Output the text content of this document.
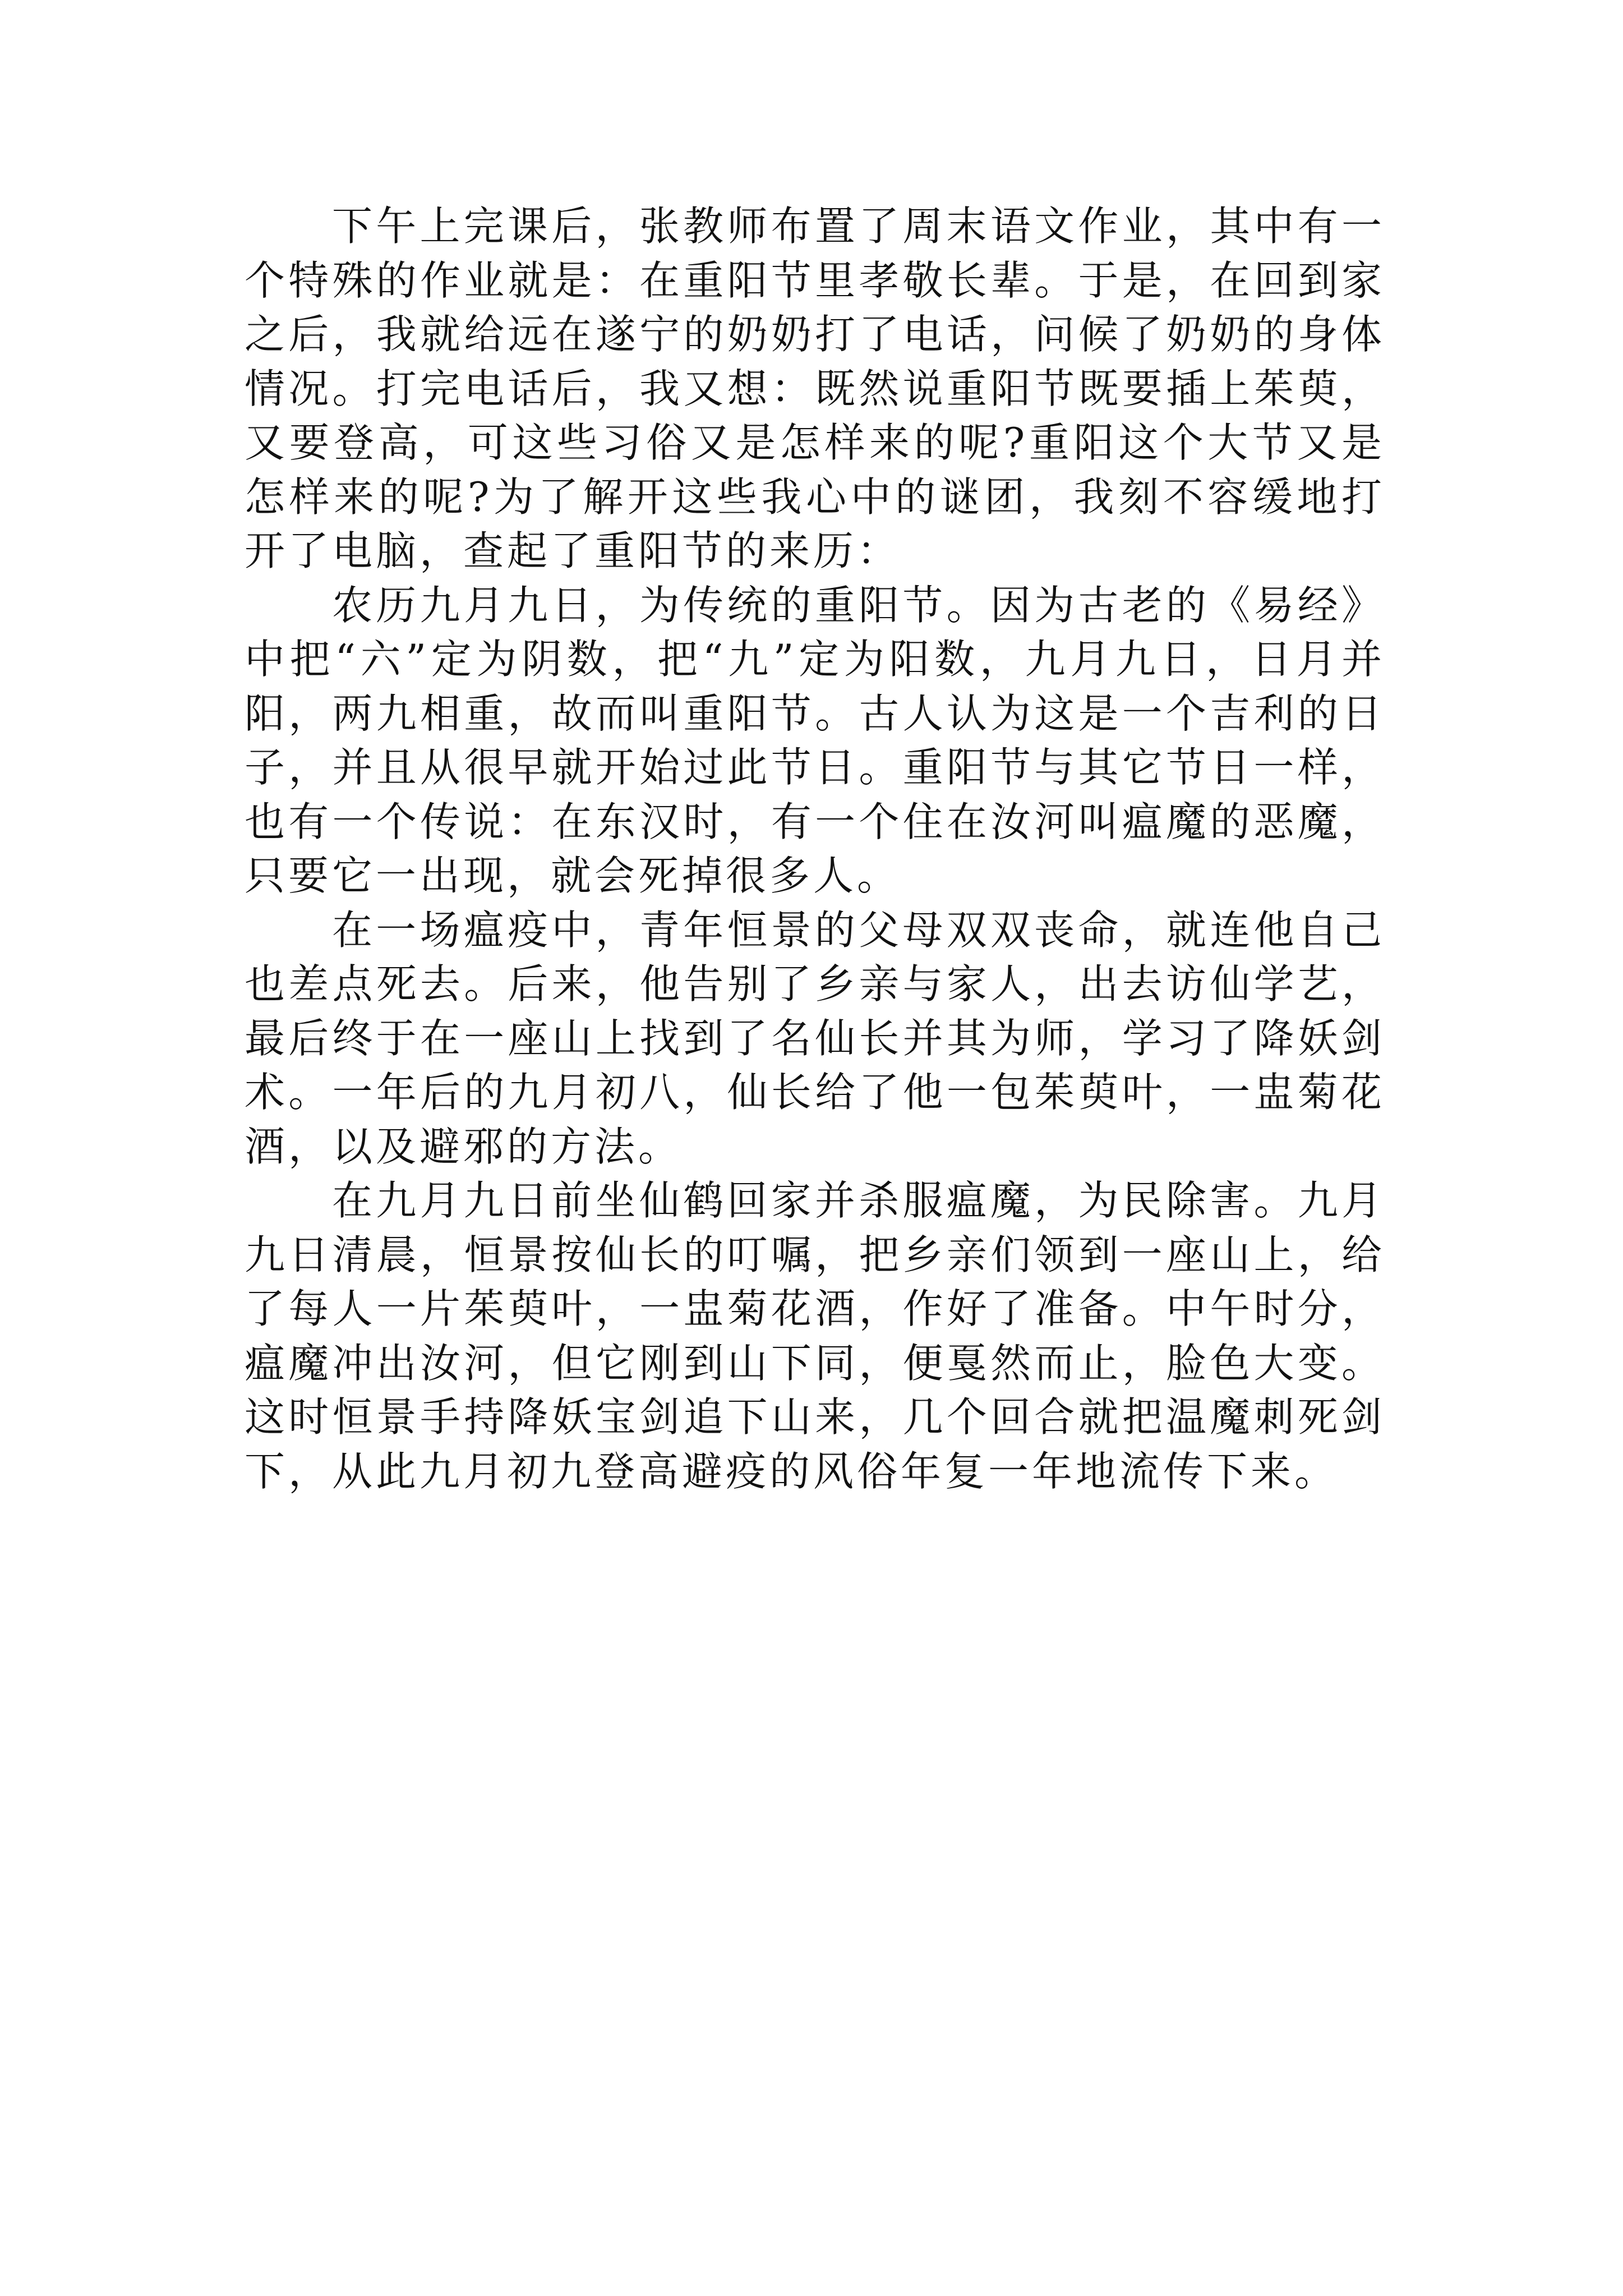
下午上完课后，张教师布置了周末语文作业，其中有一个特殊的作业就是：在重阳节里孝敬长辈。于是，在回到家之后，我就给远在遂宁的奶奶打了电话，问候了奶奶的身体情况。打完电话后，我又想：既然说重阳节既要插上茱萸，又要登高，可这些习俗又是怎样来的呢?重阳这个大节又是怎样来的呢?为了解开这些我心中的谜团，我刻不容缓地打开了电脑，查起了重阳节的来历：

农历九月九日，为传统的重阳节。因为古老的《易经》中把“六”定为阴数，把“九”定为阳数，九月九日，日月并阳，两九相重，故而叫重阳节。古人认为这是一个吉利的日子，并且从很早就开始过此节日。重阳节与其它节日一样，也有一个传说：在东汉时，有一个住在汝河叫瘟魔的恶魔，只要它一出现，就会死掉很多人。

在一场瘟疫中，青年恒景的父母双双丧命，就连他自己也差点死去。后来，他告别了乡亲与家人，出去访仙学艺，最后终于在一座山上找到了名仙长并其为师，学习了降妖剑术。一年后的九月初八，仙长给了他一包茱萸叶，一盅菊花酒，以及避邪的方法。

在九月九日前坐仙鹤回家并杀服瘟魔，为民除害。九月九日清晨，恒景按仙长的叮嘱，把乡亲们领到一座山上，给了每人一片茱萸叶，一盅菊花酒，作好了准备。中午时分，瘟魔冲出汝河，但它刚到山下同，便戛然而止，脸色大变。这时恒景手持降妖宝剑追下山来，几个回合就把温魔刺死剑下，从此九月初九登高避疫的风俗年复一年地流传下来。
